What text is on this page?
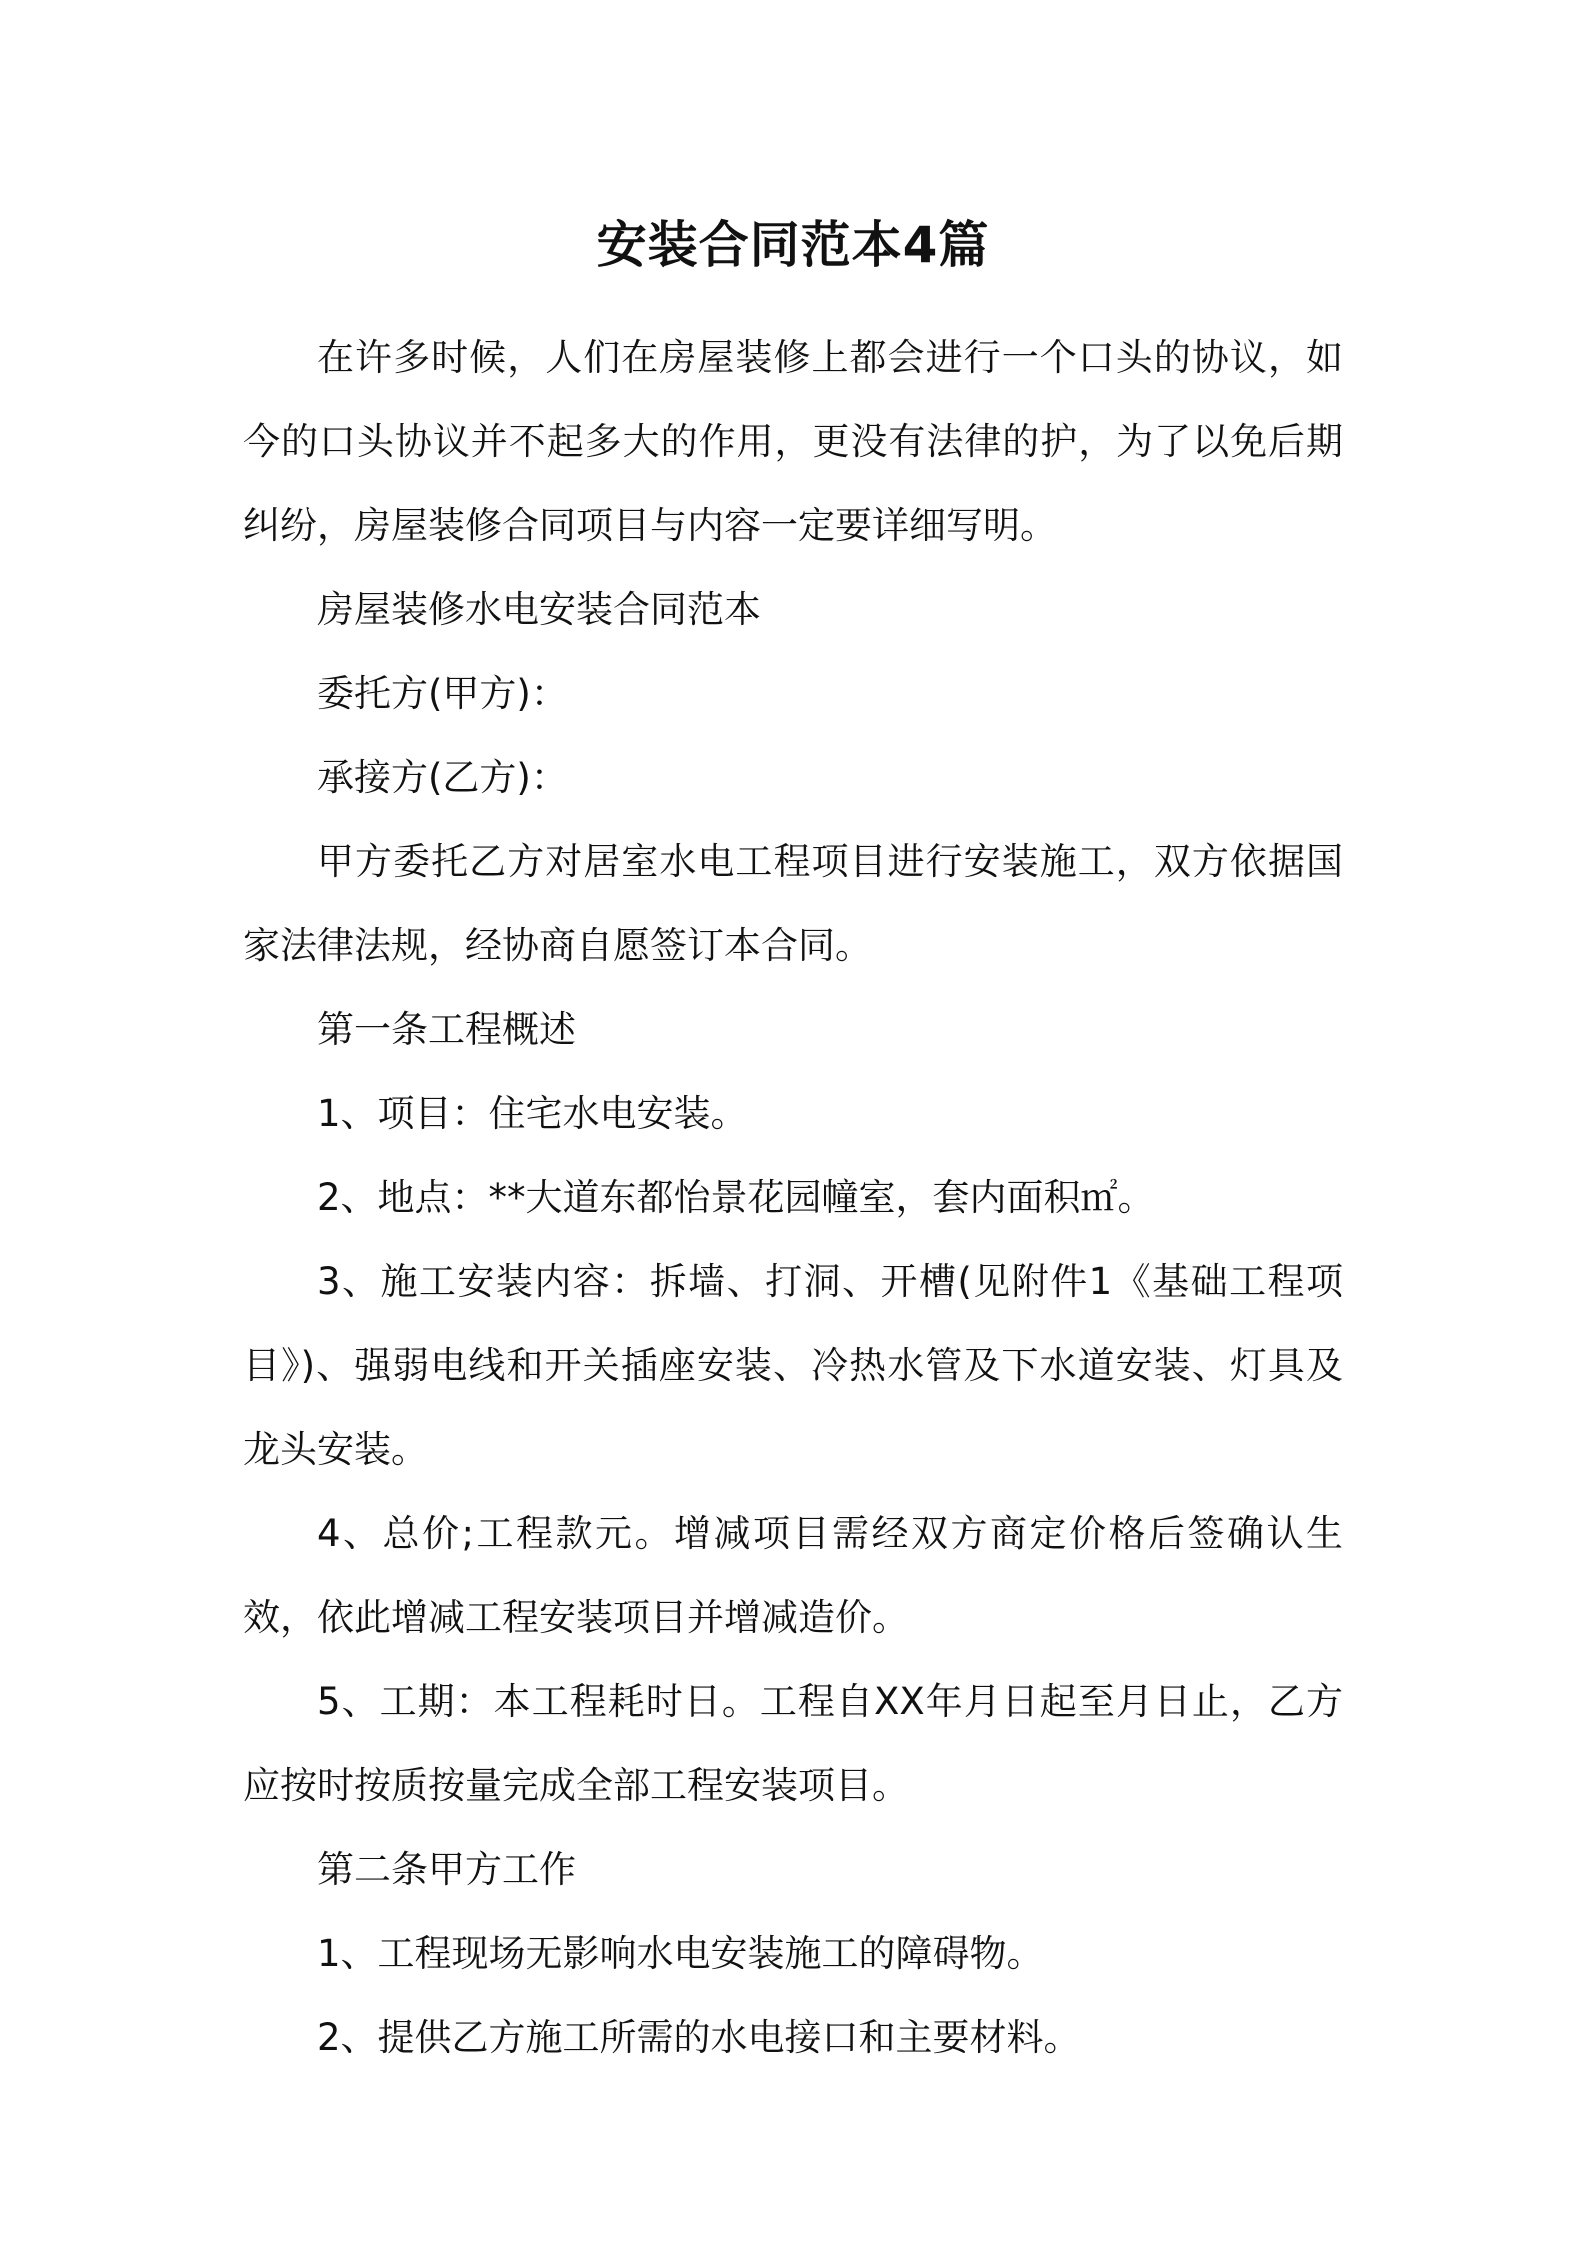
安装合同范本4篇

在许多时候，人们在房屋装修上都会进行一个口头的协议，如今的口头协议并不起多大的作用，更没有法律的护，为了以免后期纠纷，房屋装修合同项目与内容一定要详细写明。

房屋装修水电安装合同范本

委托方(甲方)：

承接方(乙方)：

甲方委托乙方对居室水电工程项目进行安装施工，双方依据国家法律法规，经协商自愿签订本合同。

第一条工程概述

1、项目：住宅水电安装。

2、地点：**大道东都怡景花园幢室，套内面积㎡。

3、施工安装内容：拆墙、打洞、开槽(见附件1《基础工程项目》)、强弱电线和开关插座安装、冷热水管及下水道安装、灯具及龙头安装。

4、总价;工程款元。增减项目需经双方商定价格后签确认生效，依此增减工程安装项目并增减造价。

5、工期：本工程耗时日。工程自XX年月日起至月日止，乙方应按时按质按量完成全部工程安装项目。

第二条甲方工作

1、工程现场无影响水电安装施工的障碍物。

2、提供乙方施工所需的水电接口和主要材料。
